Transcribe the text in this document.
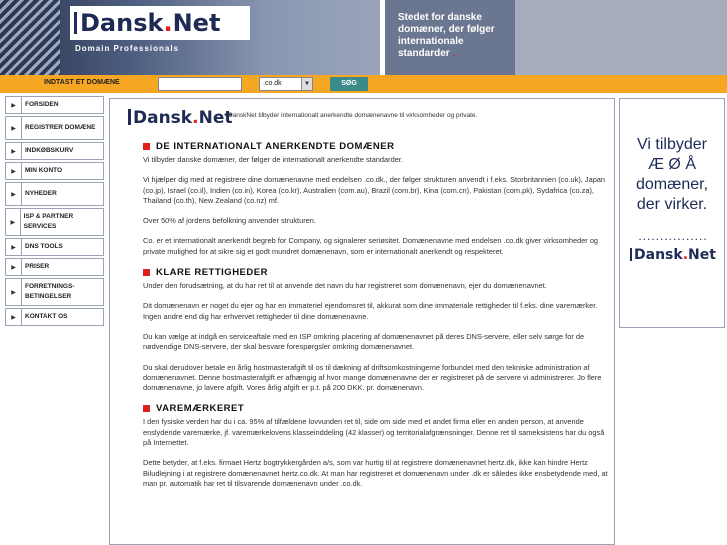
Dansk.Net
Domain Professionals
Stedet for danske domæner, der følger internationale standarder .
INDTAST ET DOMÆNE	.co.dk	▼	SØG
▶	FORSIDEN
▶	REGISTRER DOMÆNE
▶	INDKØBSKURV
▶	MIN KONTO
▶	NYHEDER
▶
ISP & PARTNER SERVICES
▶	DNS TOOLS
▶	PRISER
▶
FORRETNINGS-BETINGELSER
▶	KONTAKT OS
Dansk.Net
DanskNet tilbyder internationalt anerkendte domænenavne til virksomheder og private.
DE INTERNATIONALT ANERKENDTE DOMÆNER

Vi tilbyder danske domæner, der følger de internationalt anerkendte standarder.

Vi hjælper dig med at registrere dine domænenavne med endelsen .co.dk., der følger strukturen anvendt i f.eks. Storbritannien (co.uk), Japan (co.jp), Israel (co.il), Indien (co.in), Korea (co.kr), Australien (com.au), Brazil (com.br), Kina (com.cn), Pakistan (com.pk), Sydafrica (co.za), Thailand (co.th), New Zealand (co.nz) mf.

Over 50% af jordens befolkning anvender strukturen.

Co. er et internationalt anerkendt begreb for Company, og signalerer seriøsitet. Domænenavne med endelsen .co.dk giver virksomheder og private mulighed for at sikre sig et godt mundret domænenavn, som er internationalt anerkendt og respekteret.

KLARE RETTIGHEDER

Under den forudsætning, at du har ret til at anvende det navn du har registreret som domænenavn, ejer du domænenavnet.

Dit domænenavn er noget du ejer og har en immateriel ejendomsret til, akkurat som dine immateriale rettigheder til f.eks. dine varemærker. Ingen andre end dig har erhvervet rettigheder til dine domænenavne.

Du kan vælge at indgå en serviceaftale med en ISP omkring placering af domænenavnet på deres DNS-servere, eller selv sørge for de nødvendige DNS-servere, der skal besvare forespørgsler omkring domænenavnet.

Du skal derudover betale en årlig hostmasterafgift til os til dækning af driftsomkostningerne forbundet med den tekniske administration af domænenavnet. Denne hostmasterafgift er afhængig af hvor mange domænenavne der er registreret på de servere vi administrerer. Jo flere domænenavne, jo lavere afgift. Vores årlig afgift er p.t. på 200 DKK. pr. domænenavn.

VAREMÆRKERET

I den fysiske verden har du i ca. 95% af tilfældene lovvunden ret til, side om side med et andet firma eller en anden person, at anvende enslydende varemærke, jf. varemærkelovens klasseinddeling (42 klasser) og territorialafgrænsninger. Denne ret til sameksistens har du også på Internettet.

Dette betyder, at f.eks. firmaet Hertz bogtrykkergården a/s, som var hurtig til at registrere domænenavnet hertz.dk, ikke kan hindre Hertz Biludlejning i at registrere domænenavnet hertz.co.dk. At man har registreret et domænenavn under .dk er således ikke ensbetydende med, at man pr. automatik har ret til tilsvarende domænenavn under .co.dk.

Vi tilbyder
Æ Ø Å
domæner,
der virker.
................
Dansk.Net
